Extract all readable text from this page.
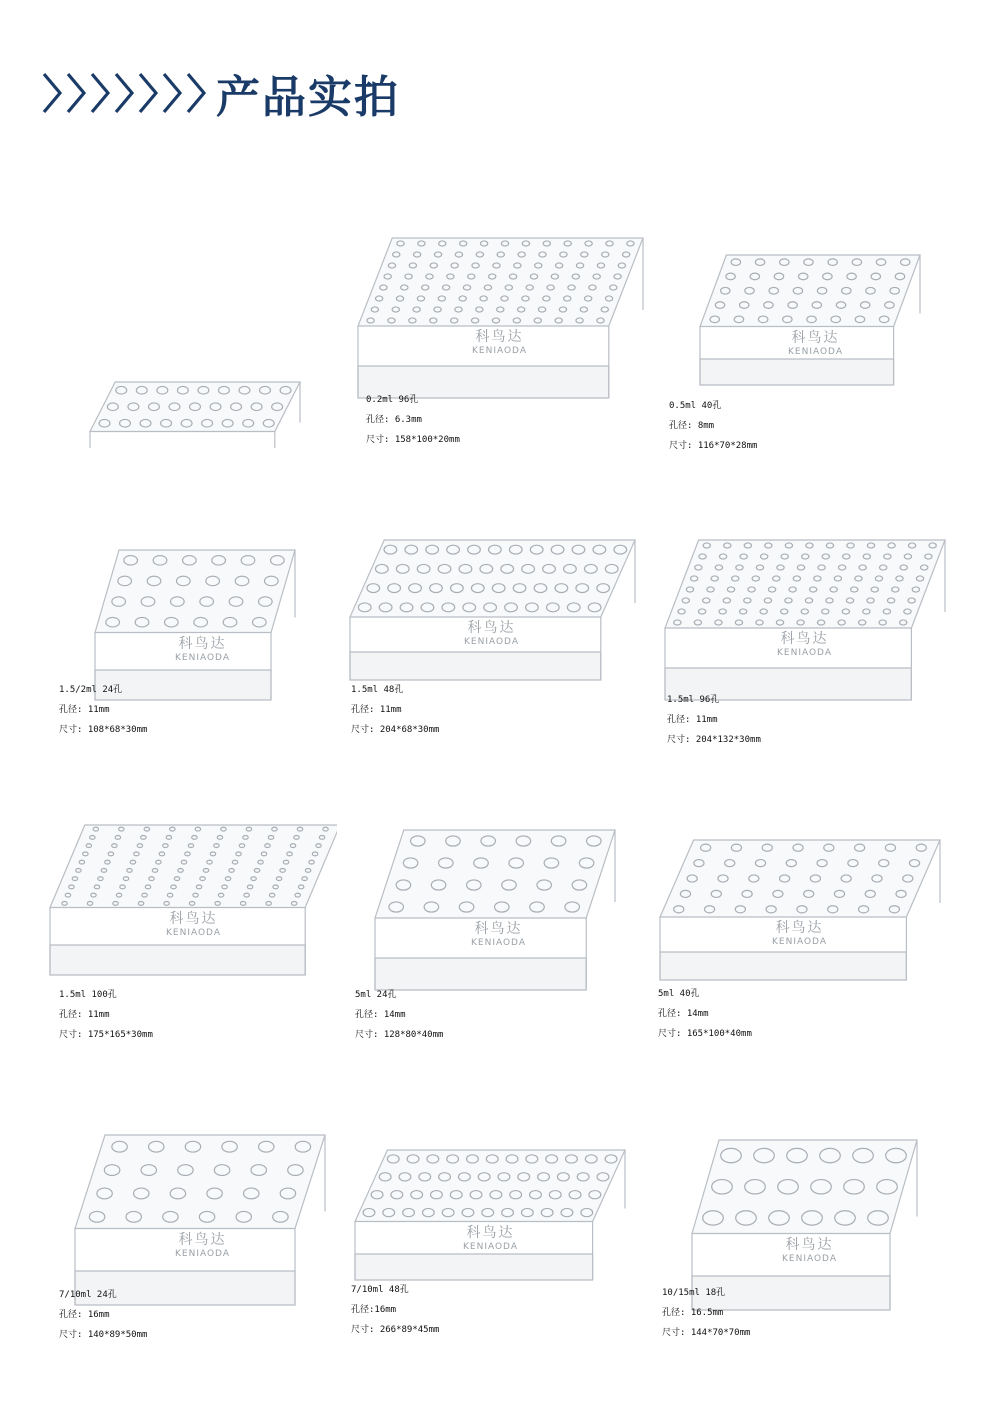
产品实拍
科鸟达
KENIAODA
0.2ml 96孔
孔径: 6.3mm
尺寸: 158*100*20mm
科鸟达
KENIAODA
0.5ml 40孔
孔径: 8mm
尺寸: 116*70*28mm
科鸟达
KENIAODA
1.5/2ml 24孔
孔径: 11mm
尺寸: 108*68*30mm
科鸟达
KENIAODA
1.5ml 48孔
孔径: 11mm
尺寸: 204*68*30mm
科鸟达
KENIAODA
1.5ml 96孔
孔径: 11mm
尺寸: 204*132*30mm
科鸟达
KENIAODA
1.5ml 100孔
孔径: 11mm
尺寸: 175*165*30mm
科鸟达
KENIAODA
5ml 24孔
孔径: 14mm
尺寸: 128*80*40mm
科鸟达
KENIAODA
5ml 40孔
孔径: 14mm
尺寸: 165*100*40mm
科鸟达
KENIAODA
7/10ml 24孔
孔径: 16mm
尺寸: 140*89*50mm
科鸟达
KENIAODA
7/10ml 48孔
孔径:16mm
尺寸: 266*89*45mm
科鸟达
KENIAODA
10/15ml 18孔
孔径: 16.5mm
尺寸: 144*70*70mm
